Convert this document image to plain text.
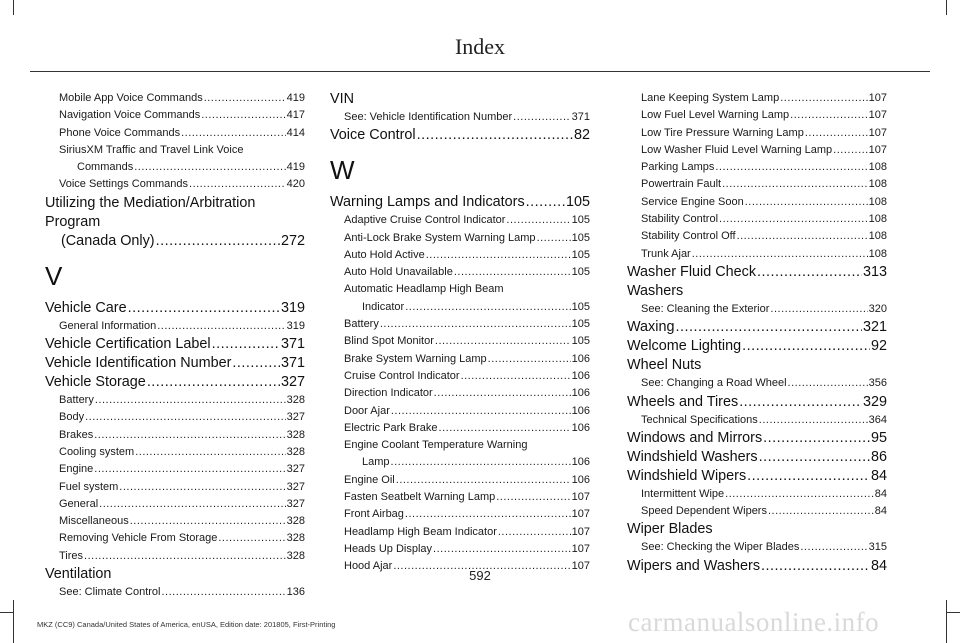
Index
Mobile App Voice Commands .....	419
Navigation Voice Commands .....	417
Phone Voice Commands .....	414
SiriusXM Traffic and Travel Link Voice
Commands .....	419
Voice Settings Commands .....	420
Utilizing the Mediation/Arbitration Program
(Canada Only) .....	272
V
Vehicle Care .....	319
General Information .....	319
Vehicle Certification Label .....	371
Vehicle Identification Number .....	371
Vehicle Storage .....	327
Battery .....	328
Body .....	327
Brakes .....	328
Cooling system .....	328
Engine .....	327
Fuel system .....	327
General .....	327
Miscellaneous .....	328
Removing Vehicle From Storage .....	328
Tires .....	328
Ventilation
See: Climate Control .....	136
VIN
See: Vehicle Identification Number .....	371
Voice Control .....	82
W
Warning Lamps and Indicators .....	105
Adaptive Cruise Control Indicator .....	105
Anti-Lock Brake System Warning Lamp .....	105
Auto Hold Active .....	105
Auto Hold Unavailable .....	105
Automatic Headlamp High Beam
Indicator .....	105
Battery .....	105
Blind Spot Monitor .....	105
Brake System Warning Lamp .....	106
Cruise Control Indicator .....	106
Direction Indicator .....	106
Door Ajar .....	106
Electric Park Brake .....	106
Engine Coolant Temperature Warning
Lamp .....	106
Engine Oil .....	106
Fasten Seatbelt Warning Lamp .....	107
Front Airbag .....	107
Headlamp High Beam Indicator .....	107
Heads Up Display .....	107
Hood Ajar .....	107
Lane Keeping System Lamp .....	107
Low Fuel Level Warning Lamp .....	107
Low Tire Pressure Warning Lamp .....	107
Low Washer Fluid Level Warning Lamp .....	107
Parking Lamps .....	108
Powertrain Fault .....	108
Service Engine Soon .....	108
Stability Control .....	108
Stability Control Off .....	108
Trunk Ajar .....	108
Washer Fluid Check .....	313
Washers
See: Cleaning the Exterior .....	320
Waxing .....	321
Welcome Lighting .....	92
Wheel Nuts
See: Changing a Road Wheel .....	356
Wheels and Tires .....	329
Technical Specifications .....	364
Windows and Mirrors .....	95
Windshield Washers .....	86
Windshield Wipers .....	84
Intermittent Wipe .....	84
Speed Dependent Wipers .....	84
Wiper Blades
See: Checking the Wiper Blades .....	315
Wipers and Washers .....	84
592
MKZ (CC9) Canada/United States of America, enUSA, Edition date: 201805, First-Printing	carmanualsonline.info
